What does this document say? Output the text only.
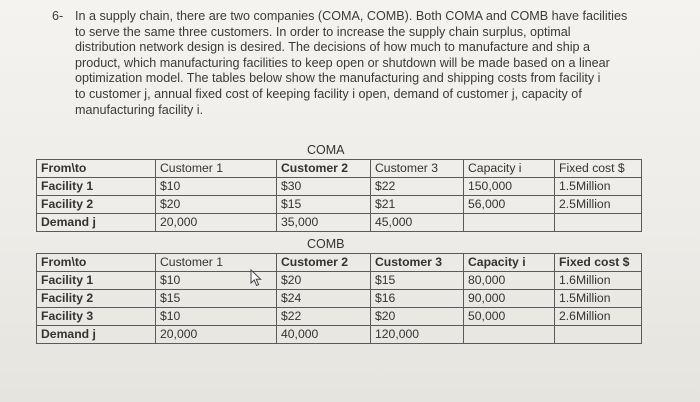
6- In a supply chain, there are two companies (COMA, COMB). Both COMA and COMB have facilities
to serve the same three customers. In order to increase the supply chain surplus, optimal
distribution network design is desired. The decisions of how much to manufacture and ship a
product, which manufacturing facilities to keep open or shutdown will be made based on a linear
optimization model. The tables below show the manufacturing and shipping costs from facility i
to customer j, annual fixed cost of keeping facility i open, demand of customer j, capacity of
manufacturing facility i.
COMA
From\to	Customer 1	Customer 2	Customer 3	Capacity i	Fixed cost $
Facility 1	$10	$30	$22	150,000	1.5Million
Facility 2	$20	$15	$21	56,000	2.5Million
Demand j	20,000	35,000	45,000		
COMB
From\to	Customer 1	Customer 2	Customer 3	Capacity i	Fixed cost $
Facility 1	$10	$20	$15	80,000	1.6Million
Facility 2	$15	$24	$16	90,000	1.5Million
Facility 3	$10	$22	$20	50,000	2.6Million
Demand j	20,000	40,000	120,000		
